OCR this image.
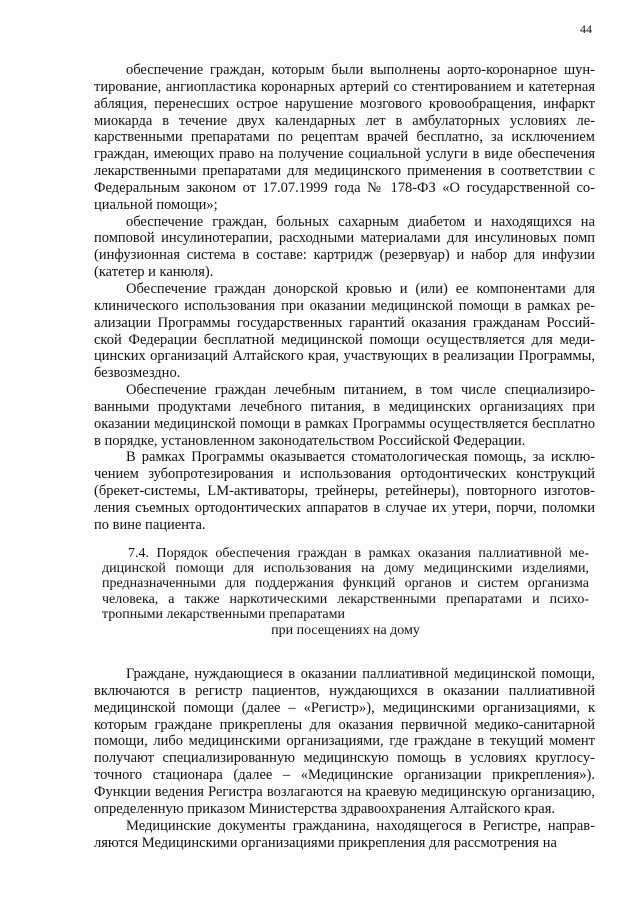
44

обеспечение граждан, которым были выполнены аорто-коронарное шунтирование, ангиопластика коронарных артерий со стентированием и катетерная абляция, перенесших острое нарушение мозгового кровообращения, инфаркт миокарда в течение двух календарных лет в амбулаторных условиях лекарственными препаратами по рецептам врачей бесплатно, за исключением граждан, имеющих право на получение социальной услуги в виде обеспечения лекарственными препаратами для медицинского применения в соответствии с Федеральным законом от 17.07.1999 года № 178-ФЗ «О государственной социальной помощи»;

обеспечение граждан, больных сахарным диабетом и находящихся на помповой инсулинотерапии, расходными материалами для инсулиновых помп (инфузионная система в составе: картридж (резервуар) и набор для инфузии (катетер и канюля).

Обеспечение граждан донорской кровью и (или) ее компонентами для клинического использования при оказании медицинской помощи в рамках реализации Программы государственных гарантий оказания гражданам Российской Федерации бесплатной медицинской помощи осуществляется для медицинских организаций Алтайского края, участвующих в реализации Программы, безвозмездно.

Обеспечение граждан лечебным питанием, в том числе специализированными продуктами лечебного питания, в медицинских организациях при оказании медицинской помощи в рамках Программы осуществляется бесплатно в порядке, установленном законодательством Российской Федерации.

В рамках Программы оказывается стоматологическая помощь, за исключением зубопротезирования и использования ортодонтических конструкций (брекет-системы, LM-активаторы, трейнеры, ретейнеры), повторного изготовления съемных ортодонтических аппаратов в случае их утери, порчи, поломки по вине пациента.

7.4. Порядок обеспечения граждан в рамках оказания паллиативной медицинской помощи для использования на дому медицинскими изделиями, предназначенными для поддержания функций органов и систем организма человека, а также наркотическими лекарственными препаратами и психотропными лекарственными препаратами
при посещениях на дому

Граждане, нуждающиеся в оказании паллиативной медицинской помощи, включаются в регистр пациентов, нуждающихся в оказании паллиативной медицинской помощи (далее – «Регистр»), медицинскими организациями, к которым граждане прикреплены для оказания первичной медико-санитарной помощи, либо медицинскими организациями, где граждане в текущий момент получают специализированную медицинскую помощь в условиях круглосуточного стационара (далее – «Медицинские организации прикрепления»). Функции ведения Регистра возлагаются на краевую медицинскую организацию, определенную приказом Министерства здравоохранения Алтайского края.

Медицинские документы гражданина, находящегося в Регистре, направляются Медицинскими организациями прикрепления для рассмотрения на
